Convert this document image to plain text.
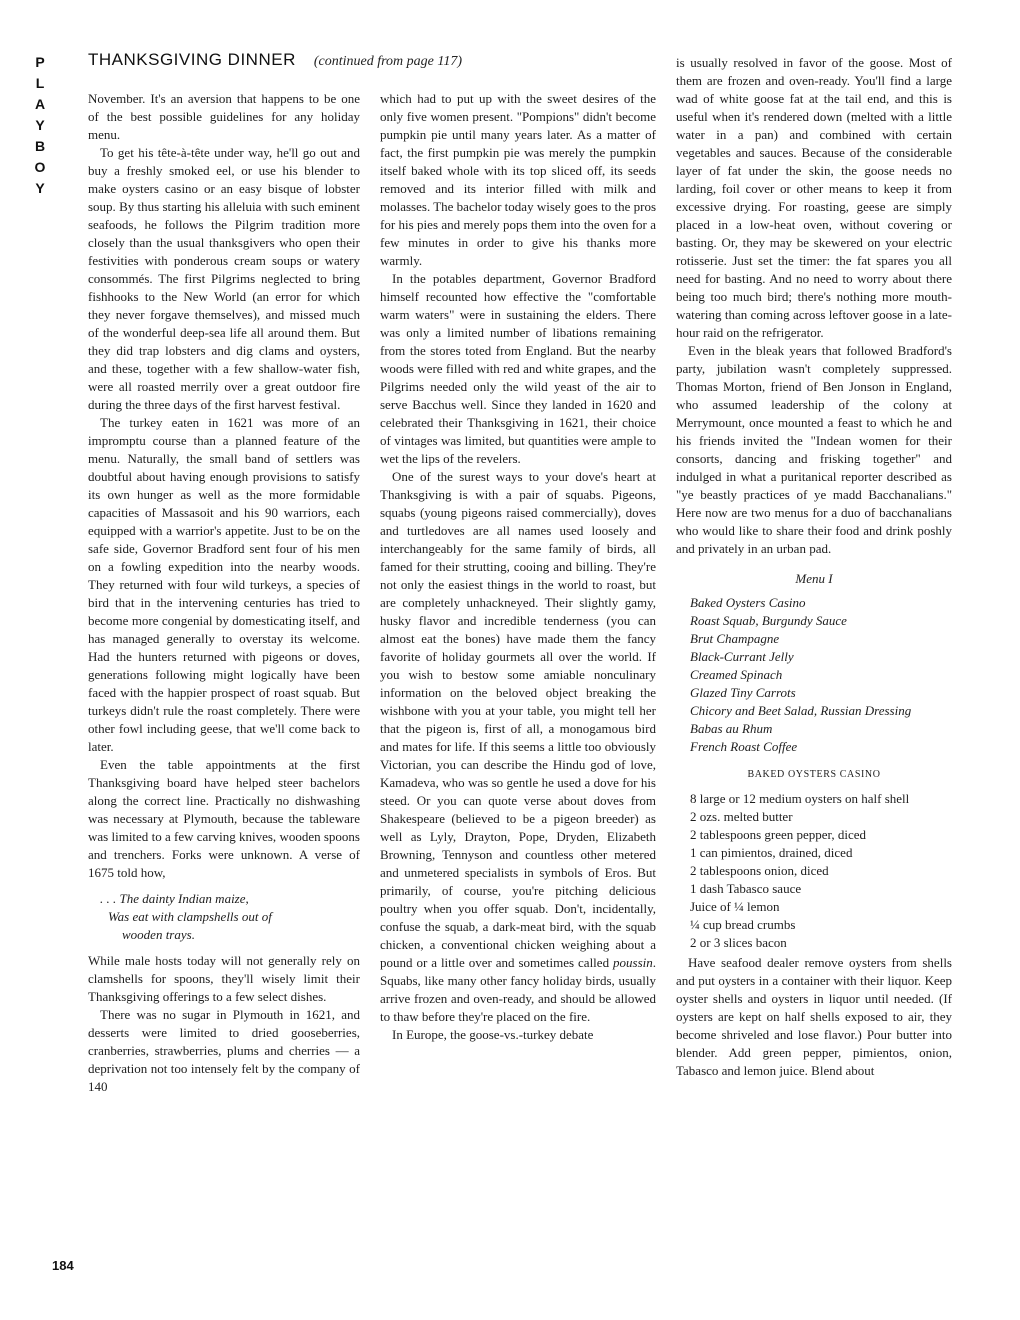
P
L
A
Y
B
O
Y
THANKSGIVING DINNER (continued from page 117)

November. It's an aversion that happens to be one of the best possible guidelines for any holiday menu.

To get his tête-à-tête under way, he'll go out and buy a freshly smoked eel, or use his blender to make oysters casino or an easy bisque of lobster soup. By thus starting his alleluia with such eminent seafoods, he follows the Pilgrim tradition more closely than the usual thanksgivers who open their festivities with ponderous cream soups or watery consommés. The first Pilgrims neglected to bring fishhooks to the New World (an error for which they never forgave themselves), and missed much of the wonderful deep-sea life all around them. But they did trap lobsters and dig clams and oysters, and these, together with a few shallow-water fish, were all roasted merrily over a great outdoor fire during the three days of the first harvest festival.

The turkey eaten in 1621 was more of an impromptu course than a planned feature of the menu. Naturally, the small band of settlers was doubtful about having enough provisions to satisfy its own hunger as well as the more formidable capacities of Massasoit and his 90 warriors, each equipped with a warrior's appetite. Just to be on the safe side, Governor Bradford sent four of his men on a fowling expedition into the nearby woods. They returned with four wild turkeys, a species of bird that in the intervening centuries has tried to become more congenial by domesticating itself, and has managed generally to overstay its welcome. Had the hunters returned with pigeons or doves, generations following might logically have been faced with the happier prospect of roast squab. But turkeys didn't rule the roast completely. There were other fowl including geese, that we'll come back to later.

Even the table appointments at the first Thanksgiving board have helped steer bachelors along the correct line. Practically no dishwashing was necessary at Plymouth, because the tableware was limited to a few carving knives, wooden spoons and trenchers. Forks were unknown. A verse of 1675 told how,

. . . The dainty Indian maize,
Was eat with clampshells out of
wooden trays.

While male hosts today will not generally rely on clamshells for spoons, they'll wisely limit their Thanksgiving offerings to a few select dishes.

There was no sugar in Plymouth in 1621, and desserts were limited to dried gooseberries, cranberries, strawberries, plums and cherries — a deprivation not too intensely felt by the company of 140

which had to put up with the sweet desires of the only five women present. "Pompions" didn't become pumpkin pie until many years later. As a matter of fact, the first pumpkin pie was merely the pumpkin itself baked whole with its top sliced off, its seeds removed and its interior filled with milk and molasses. The bachelor today wisely goes to the pros for his pies and merely pops them into the oven for a few minutes in order to give his thanks more warmly.

In the potables department, Governor Bradford himself recounted how effective the "comfortable warm waters" were in sustaining the elders. There was only a limited number of libations remaining from the stores toted from England. But the nearby woods were filled with red and white grapes, and the Pilgrims needed only the wild yeast of the air to serve Bacchus well. Since they landed in 1620 and celebrated their Thanksgiving in 1621, their choice of vintages was limited, but quantities were ample to wet the lips of the revelers.

One of the surest ways to your dove's heart at Thanksgiving is with a pair of squabs. Pigeons, squabs (young pigeons raised commercially), doves and turtledoves are all names used loosely and interchangeably for the same family of birds, all famed for their strutting, cooing and billing. They're not only the easiest things in the world to roast, but are completely unhackneyed. Their slightly gamy, husky flavor and incredible tenderness (you can almost eat the bones) have made them the fancy favorite of holiday gourmets all over the world. If you wish to bestow some amiable nonculinary information on the beloved object breaking the wishbone with you at your table, you might tell her that the pigeon is, first of all, a monogamous bird and mates for life. If this seems a little too obviously Victorian, you can describe the Hindu god of love, Kamadeva, who was so gentle he used a dove for his steed. Or you can quote verse about doves from Shakespeare (believed to be a pigeon breeder) as well as Lyly, Drayton, Pope, Dryden, Elizabeth Browning, Tennyson and countless other metered and unmetered specialists in symbols of Eros. But primarily, of course, you're pitching delicious poultry when you offer squab. Don't, incidentally, confuse the squab, a dark-meat bird, with the squab chicken, a conventional chicken weighing about a pound or a little over and sometimes called poussin. Squabs, like many other fancy holiday birds, usually arrive frozen and oven-ready, and should be allowed to thaw before they're placed on the fire.

In Europe, the goose-vs.-turkey debate

is usually resolved in favor of the goose. Most of them are frozen and oven-ready. You'll find a large wad of white goose fat at the tail end, and this is useful when it's rendered down (melted with a little water in a pan) and combined with certain vegetables and sauces. Because of the considerable layer of fat under the skin, the goose needs no larding, foil cover or other means to keep it from excessive drying. For roasting, geese are simply placed in a low-heat oven, without covering or basting. Or, they may be skewered on your electric rotisserie. Just set the timer: the fat spares you all need for basting. And no need to worry about there being too much bird; there's nothing more mouth-watering than coming across leftover goose in a late-hour raid on the refrigerator.

Even in the bleak years that followed Bradford's party, jubilation wasn't completely suppressed. Thomas Morton, friend of Ben Jonson in England, who assumed leadership of the colony at Merrymount, once mounted a feast to which he and his friends invited the "Indean women for their consorts, dancing and frisking together" and indulged in what a puritanical reporter described as "ye beastly practices of ye madd Bacchanalians." Here now are two menus for a duo of bacchanalians who would like to share their food and drink poshly and privately in an urban pad.

Menu I
Baked Oysters Casino
Roast Squab, Burgundy Sauce
Brut Champagne
Black-Currant Jelly
Creamed Spinach
Glazed Tiny Carrots
Chicory and Beet Salad, Russian Dressing
Babas au Rhum
French Roast Coffee
BAKED OYSTERS CASINO
8 large or 12 medium oysters on half shell
2 ozs. melted butter
2 tablespoons green pepper, diced
1 can pimientos, drained, diced
2 tablespoons onion, diced
1 dash Tabasco sauce
Juice of ¼ lemon
¼ cup bread crumbs
2 or 3 slices bacon

Have seafood dealer remove oysters from shells and put oysters in a container with their liquor. Keep oyster shells and oysters in liquor until needed. (If oysters are kept on half shells exposed to air, they become shriveled and lose flavor.) Pour butter into blender. Add green pepper, pimientos, onion, Tabasco and lemon juice. Blend about

184
